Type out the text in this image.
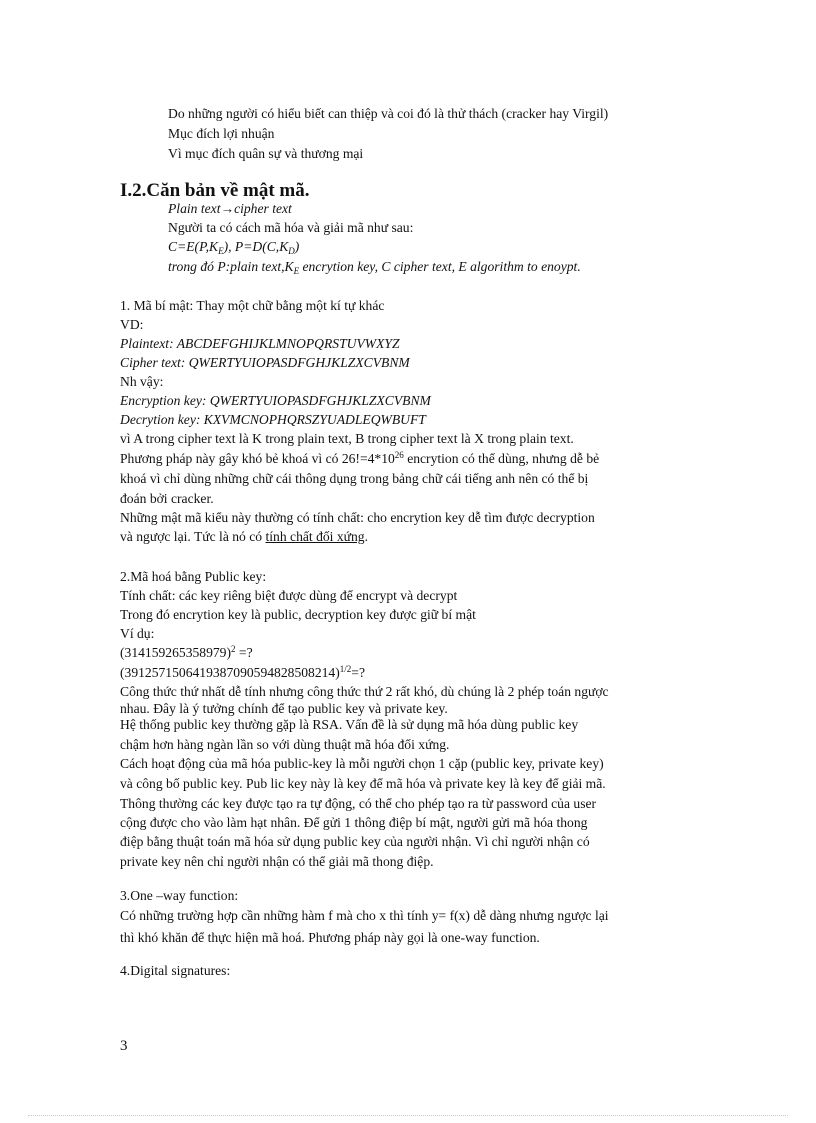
Do những người có hiểu biết can thiệp và coi đó là thử thách (cracker hay Virgil)
Mục đích lợi nhuận
Vì mục đích quân sự và thương mại
I.2.Căn bản về mật mã.
Plain text→cipher text
Người ta có cách mã hóa và giải mã như sau:
$C=E(P,K_E)$, $P=D(C,K_D)$
trong đó P:plain $text,K_E$ encrytion key, C cipher text, E algorithm to enoypt.
1. Mã bí mật: Thay một chữ bằng một kí tự khác
VD:
Plaintext: ABCDEFGHIJKLMNOPQRSTUVWXYZ
Cipher text: QWERTYUIOPASDFGHJKLZXCVBNM
Nh vậy:
Encryption key: QWERTYUIOPASDFGHJKLZXCVBNM
Decrytion key: KXVMCNOPHQRSZYUADLEQWBUFT
vì A trong cipher text là K trong plain text, B trong cipher text là X trong plain text.
Phương pháp này gây khó bẻ khoá vì có $26!=4*10^{26}$ encrytion có thể dùng, nhưng dễ bẻ
khoá vì chỉ dùng những chữ cái thông dụng trong bảng chữ cái tiếng anh nên có thể bị
đoán bởi cracker.
Những mật mã kiểu này thường có tính chất: cho encrytion key dễ tìm được decryption
và ngược lại. Tức là nó có tính chất đối xứng.
2.Mã hoá bằng Public key:
Tính chất: các key riêng biệt được dùng để encrypt và decrypt
Trong đó encrytion key là public, decryption key được giữ bí mật
Ví dụ:
$(314159265358979)^2$ =?
$(3912571506419387090594828508214)^{1/2}=$?
Công thức thứ nhất dễ tính nhưng công thức thứ 2 rất khó, dù chúng là 2 phép toán ngược
nhau. Đây là ý tưởng chính để tạo public key và private key.
Hệ thống public key thường gặp là RSA. Vấn đề là sử dụng mã hóa dùng public key
chậm hơn hàng ngàn lần so với dùng thuật mã hóa đối xứng.
Cách hoạt động của mã hóa public-key là mỗi người chọn 1 cặp (public key, private key)
và công bố public key. Pub lic key này là key để mã hóa và private key là key để giải mã.
Thông thường các key được tạo ra tự động, có thể cho phép tạo ra từ password của user
cộng được cho vào làm hạt nhân. Để gửi 1 thông điệp bí mật, người gửi mã hóa thong
điệp bằng thuật toán mã hóa sử dụng public key của người nhận. Vì chỉ người nhận có
private key nên chỉ người nhận có thể giải mã thong điệp.
3.One –way function:
Có những trường hợp cần những hàm f mà cho x thì tính y= f(x) dễ dàng nhưng ngược lại
thì khó khăn để thực hiện mã hoá. Phương pháp này gọi là one-way function.
4.Digital signatures:
3
